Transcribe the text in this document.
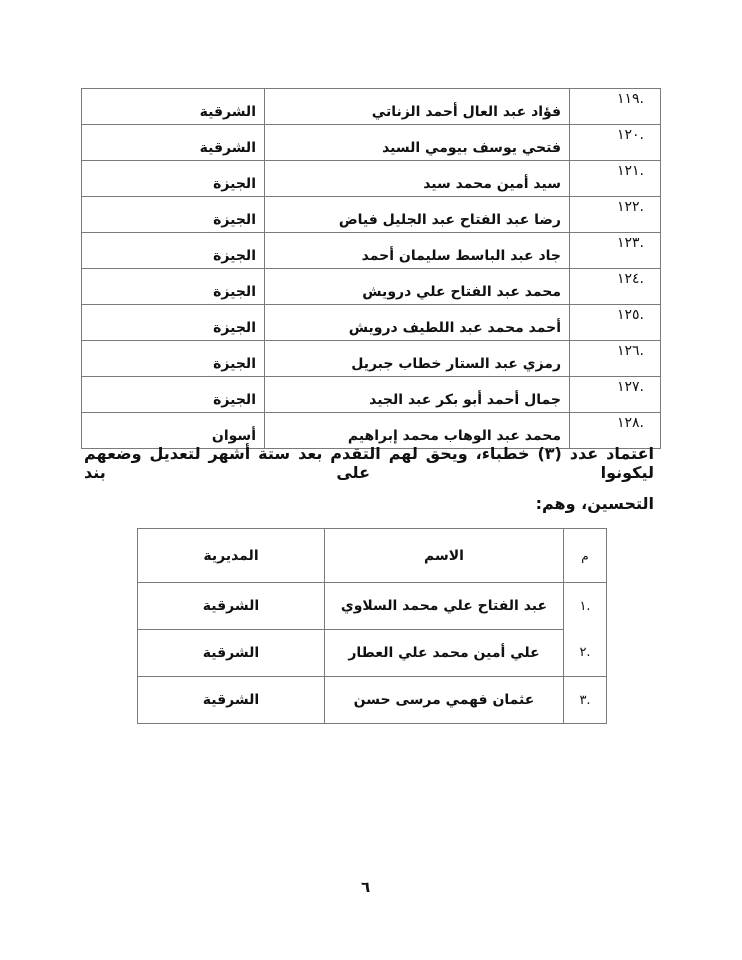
.١١٩	فؤاد عبد العال أحمد الزناتي	الشرقية
.١٢٠	فتحي يوسف بيومي السيد	الشرقية
.١٢١	سيد أمين محمد سيد	الجيزة
.١٢٢	رضا عبد الفتاح عبد الجليل فياض	الجيزة
.١٢٣	جاد عبد الباسط سليمان أحمد	الجيزة
.١٢٤	محمد عبد الفتاح علي درويش	الجيزة
.١٢٥	أحمد محمد عبد اللطيف درويش	الجيزة
.١٢٦	رمزي عبد الستار خطاب جبريل	الجيزة
.١٢٧	جمال أحمد أبو بكر عبد الجيد	الجيزة
.١٢٨	محمد عبد الوهاب محمد إبراهيم	أسوان
اعتماد عدد (٣) خطباء، ويحق لهم التقدم بعد ستة أشهر لتعديل وضعهم ليكونوا على بند
التحسين، وهم:
م	الاسم	المديرية
.١	عبد الفتاح علي محمد السلاوي	الشرقية
.٢	علي أمين محمد علي العطار	الشرقية
.٣	عثمان فهمي مرسى حسن	الشرقية
٦
